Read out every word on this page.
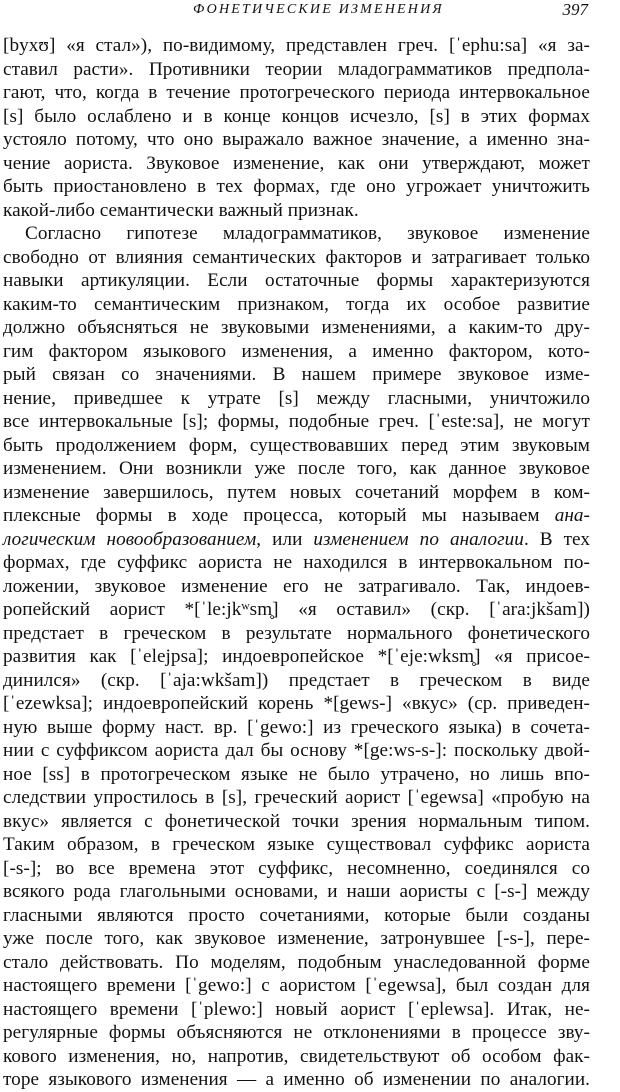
ФОНЕТИЧЕСКИЕ ИЗМЕНЕНИЯ	397

[byxʊ] «я стал»), по-видимому, представлен греч. [ˈephu:sa] «я за-
ставил расти». Противники теории младограмматиков предпола-
гают, что, когда в течение протогреческого периода интервокальное
[s] было ослаблено и в конце концов исчезло, [s] в этих формах
устояло потому, что оно выражало важное значение, а именно зна-
чение аориста. Звуковое изменение, как они утверждают, может
быть приостановлено в тех формах, где оно угрожает уничтожить
какой-либо семантически важный признак.

Согласно гипотезе младограмматиков, звуковое изменение
свободно от влияния семантических факторов и затрагивает только
навыки артикуляции. Если остаточные формы характеризуются
каким-то семантическим признаком, тогда их особое развитие
должно объясняться не звуковыми изменениями, а каким-то дру-
гим фактором языкового изменения, а именно фактором, кото-
рый связан со значениями. В нашем примере звуковое изме-
нение, приведшее к утрате [s] между гласными, уничтожило
все интервокальные [s]; формы, подобные греч. [ˈeste:sa], не могут
быть продолжением форм, существовавших перед этим звуковым
изменением. Они возникли уже после того, как данное звуковое
изменение завершилось, путем новых сочетаний морфем в ком-
плексные формы в ходе процесса, который мы называем ана-
логическим новообразованием, или изменением по аналогии. В тех
формах, где суффикс аориста не находился в интервокальном по-
ложении, звуковое изменение его не затрагивало. Так, индоев-
ропейский аорист *[ˈle:jkʷsm̥] «я оставил» (скр. [ˈara:jkšam])
предстает в греческом в результате нормального фонетического
развития как [ˈelejpsa]; индоевропейское *[ˈeje:wksm̥] «я присое-
динился» (скр. [ˈaja:wkšam]) предстает в греческом в виде
[ˈezewksa]; индоевропейский корень *[gews-] «вкус» (ср. приведен-
ную выше форму наст. вр. [ˈgewo:] из греческого языка) в сочета-
нии с суффиксом аориста дал бы основу *[ge:ws-s-]: поскольку двой-
ное [ss] в протогреческом языке не было утрачено, но лишь впо-
следствии упростилось в [s], греческий аорист [ˈegewsa] «пробую на
вкус» является с фонетической точки зрения нормальным типом.
Таким образом, в греческом языке существовал суффикс аориста
[-s-]; во все времена этот суффикс, несомненно, соединялся со
всякого рода глагольными основами, и наши аористы с [-s-] между
гласными являются просто сочетаниями, которые были созданы
уже после того, как звуковое изменение, затронувшее [-s-], пере-
стало действовать. По моделям, подобным унаследованной форме
настоящего времени [ˈgewo:] с аористом [ˈegewsa], был создан для
настоящего времени [ˈplewo:] новый аорист [ˈeplewsa]. Итак, не-
регулярные формы объясняются не отклонениями в процессе зву-
кового изменения, но, напротив, свидетельствуют об особом фак-
торе языкового изменения — а именно об изменении по аналогии.
